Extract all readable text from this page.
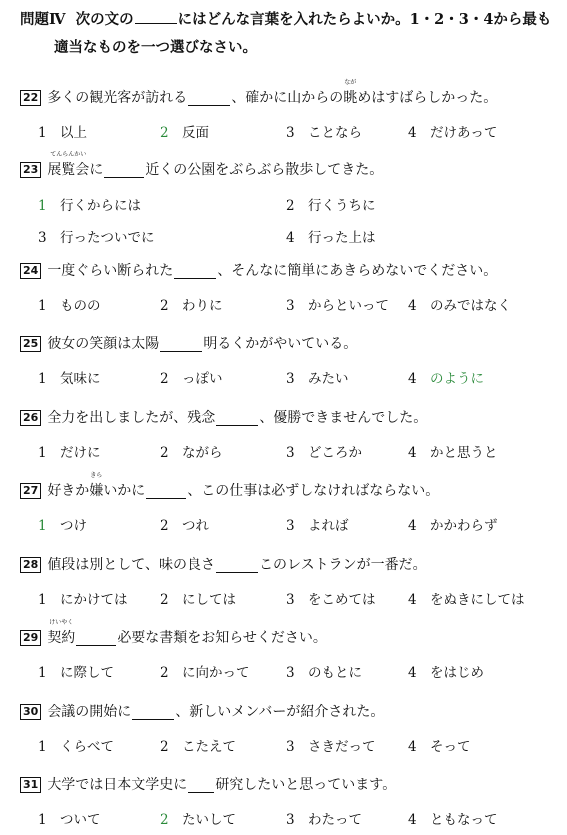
問題Ⅳ 次の文の	にはどんな言葉を入れたらよいか。1・2・3・4から最も
適当なものを一つ選びなさい。
22 多くの観光客が訪れる	、確かに山からの
なが
眺 めはすばらしかった。
1 以上	2 反面	3 ことなら	4 だけあって
23
てんらんかい
展覧会 に	近くの公園をぶらぶら散歩してきた。
1 行くからには	2 行くうちに
3 行ったついでに	4 行った上は
24 一度ぐらい断られた	、そんなに簡単にあきらめないでください。
1 ものの	2 わりに	3 からといって 4 のみではなく
25 彼女の笑顔は太陽	明るくかがやいている。
1 気味に	2 っぽい	3 みたい	4 のように
26 全力を出しましたが、残念	、優勝できませんでした。
1 だけに	2 ながら	3 どころか	4 かと思うと
27 好きか
きら
嫌 いかに	、この仕事は必ずしなければならない。
1 つけ	2 つれ	3 よれば	4 かかわらず
28 値段は別として、味の良さ	このレストランが一番だ。
1 にかけては 2 にしては	3 をこめては 4 をぬきにしては
29
けいやく
契約	必要な書類をお知らせください。
1 に際して	2 に向かって	3 のもとに	4 をはじめ
30 会議の開始に	、新しいメンバーが紹介された。
1 くらべて	2 こたえて	3 さきだって 4 そって
31 大学では日本文学史に 研究したいと思っています。
1 ついて	2 たいして	3 わたって	4 ともなって
